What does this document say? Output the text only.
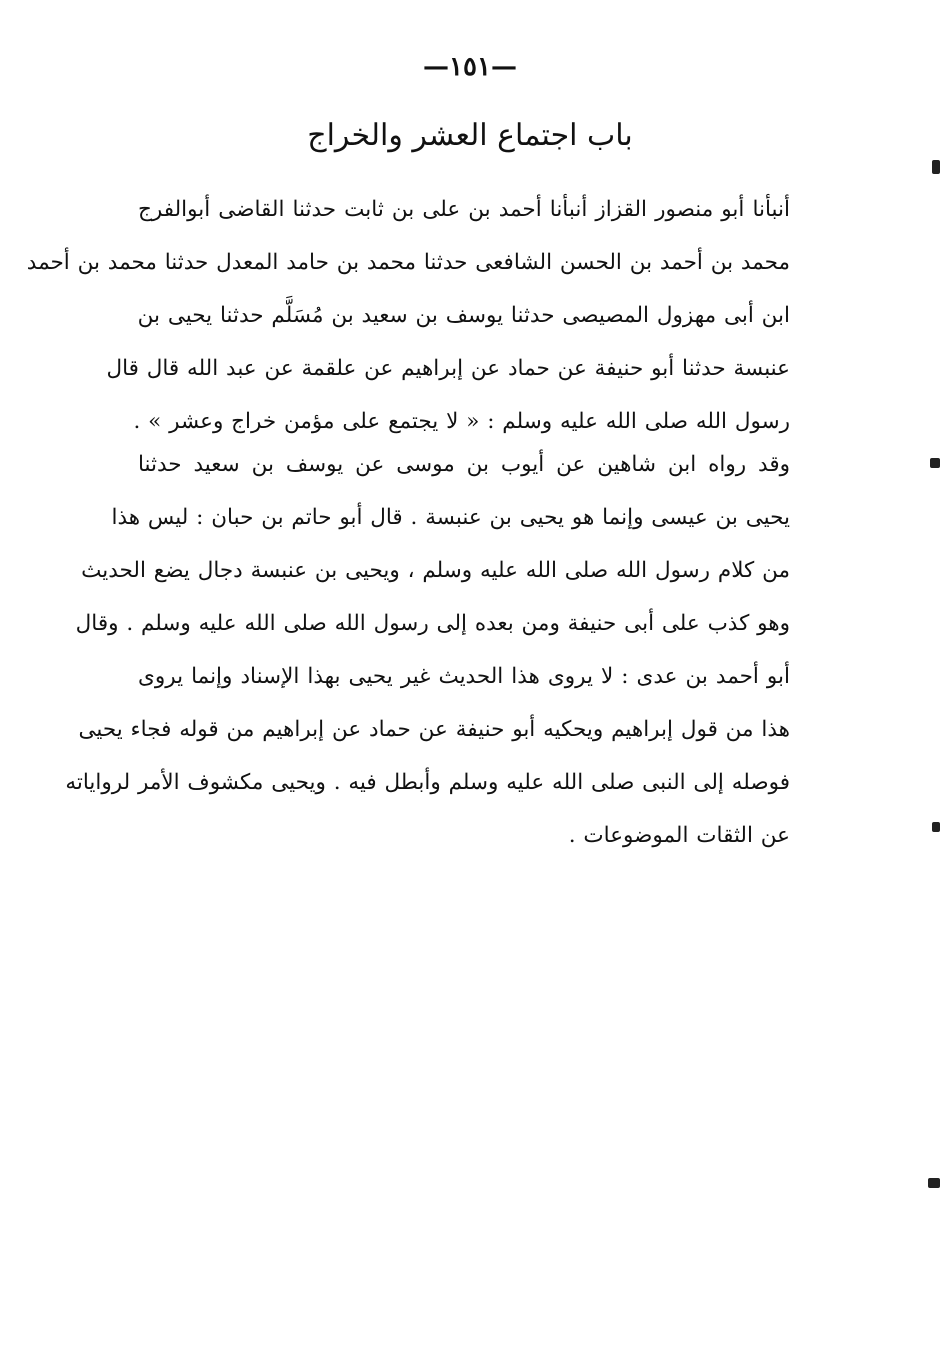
—١٥١—
باب اجتماع العشر والخراج
أنبأنا أبو منصور القزاز أنبأنا أحمد بن على بن ثابت حدثنا القاضى أبوالفرج
محمد بن أحمد بن الحسن الشافعى حدثنا محمد بن حامد المعدل حدثنا محمد بن أحمد
ابن أبى مهزول المصيصى حدثنا يوسف بن سعيد بن مُسَلَّم حدثنا يحيى بن
عنبسة حدثنا أبو حنيفة عن حماد عن إبراهيم عن علقمة عن عبد الله قال قال
رسول الله صلى الله عليه وسلم : « لا يجتمع على مؤمن خراج وعشر » .
وقد رواه ابن شاهين عن أيوب بن موسى عن يوسف بن سعيد حدثنا
يحيى بن عيسى وإنما هو يحيى بن عنبسة . قال أبو حاتم بن حبان : ليس هذا
من كلام رسول الله صلى الله عليه وسلم ، ويحيى بن عنبسة دجال يضع الحديث
وهو كذب على أبى حنيفة ومن بعده إلى رسول الله صلى الله عليه وسلم . وقال
أبو أحمد بن عدى : لا يروى هذا الحديث غير يحيى بهذا الإسناد وإنما يروى
هذا من قول إبراهيم ويحكيه أبو حنيفة عن حماد عن إبراهيم من قوله فجاء يحيى
فوصله إلى النبى صلى الله عليه وسلم وأبطل فيه . ويحيى مكشوف الأمر لرواياته
عن الثقات الموضوعات .
